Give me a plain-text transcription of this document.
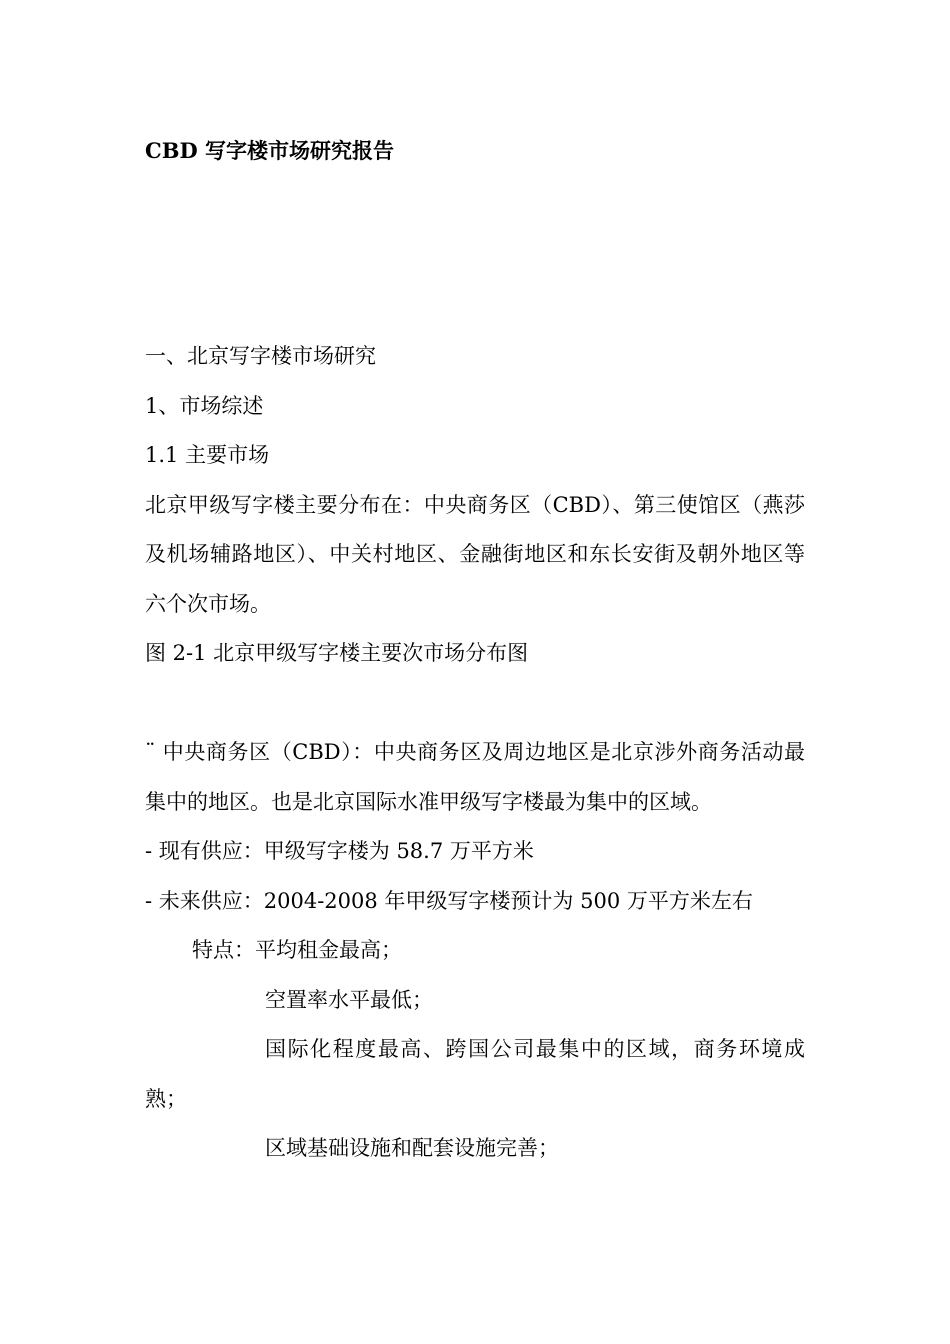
CBD 写字楼市场研究报告

一、北京写字楼市场研究

1、市场综述

1.1 主要市场

北京甲级写字楼主要分布在：中央商务区（CBD）、第三使馆区（燕莎及机场辅路地区）、中关村地区、金融街地区和东长安街及朝外地区等六个次市场。

图 2-1 北京甲级写字楼主要次市场分布图

¨ 中央商务区（CBD）：中央商务区及周边地区是北京涉外商务活动最集中的地区。也是北京国际水准甲级写字楼最为集中的区域。

- 现有供应：甲级写字楼为 58.7 万平方米

- 未来供应：2004-2008 年甲级写字楼预计为 500 万平方米左右

特点：平均租金最高；

空置率水平最低；

国际化程度最高、跨国公司最集中的区域，商务环境成熟；

区域基础设施和配套设施完善；
